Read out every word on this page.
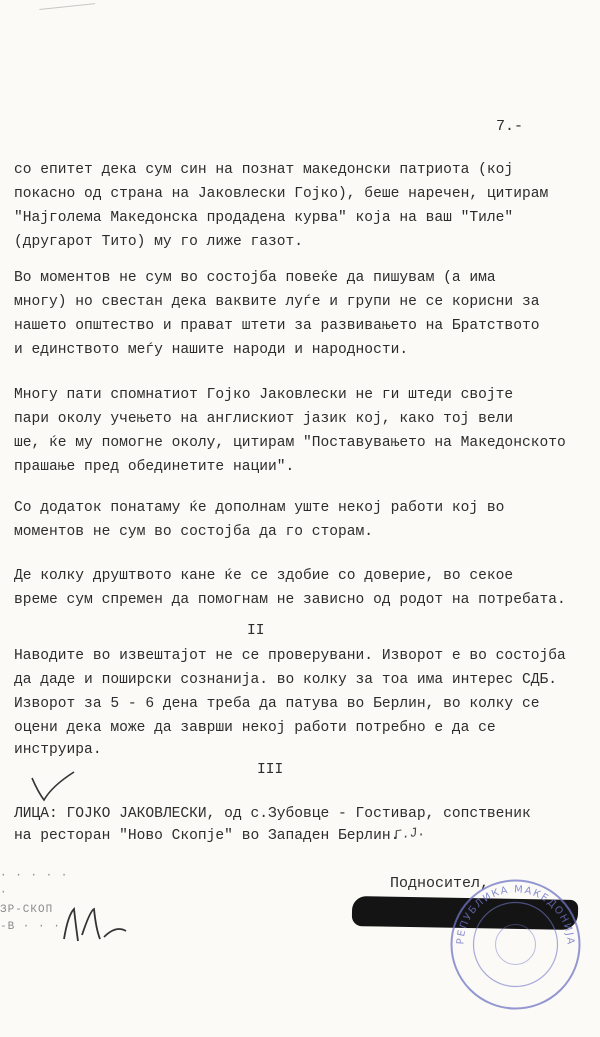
7.-
со епитет дека сум син на познат македонски патриота (кој
покасно од страна на Јаковлески Гојко), беше наречен, цитирам
"Најголема Македонска продадена курва" која на ваш "Тиле"
(другарот Тито) му го лиже газот.
Во моментов не сум во состојба повеќе да пишувам (а има
многу) но свестан дека ваквите луѓе и групи не се корисни за
нашето општество и прават штети за развивањето на Братството
и единството меѓу нашите народи и народности.
Многу пати спомнатиот Гојко Јаковлески не ги штеди своjте
пари околу учењето на англискиот јазик кој, како тој вели
ше, ќе му помогне околу, цитирам "Поставувањето на Македонското
прашање пред обединетите нации".
Со додаток понатаму ќе дополнам уште некој работи кој во
моментов не сум во состојба да го сторам.
Де колку друштвото кане ќе се здобие со доверие, во секое
време сум спремен да помогнам не зависно од родот на потребата.
II
Наводите во извештајот не се проверувани. Изворот е во состојба
да даде и поширски сознанија. во колку за тоа има интерес СДБ.
Изворот за 5 - 6 дена треба да патува во Берлин, во колку се
оцени дека може да заврши некој работи потребно е да се
инструира.
III
ЛИЦА: ГОЈКО ЈАКОВЛЕСКИ, од с.Зубовце - Гостивар, сопственик
на ресторан "Ново Скопје" во Западен Берлин.
Г.Ј.
Подносител,
· · · · · ·
ЗР-СКОП
-В · · ·
РЕПУБЛИКА МАКЕДОНИЈА
